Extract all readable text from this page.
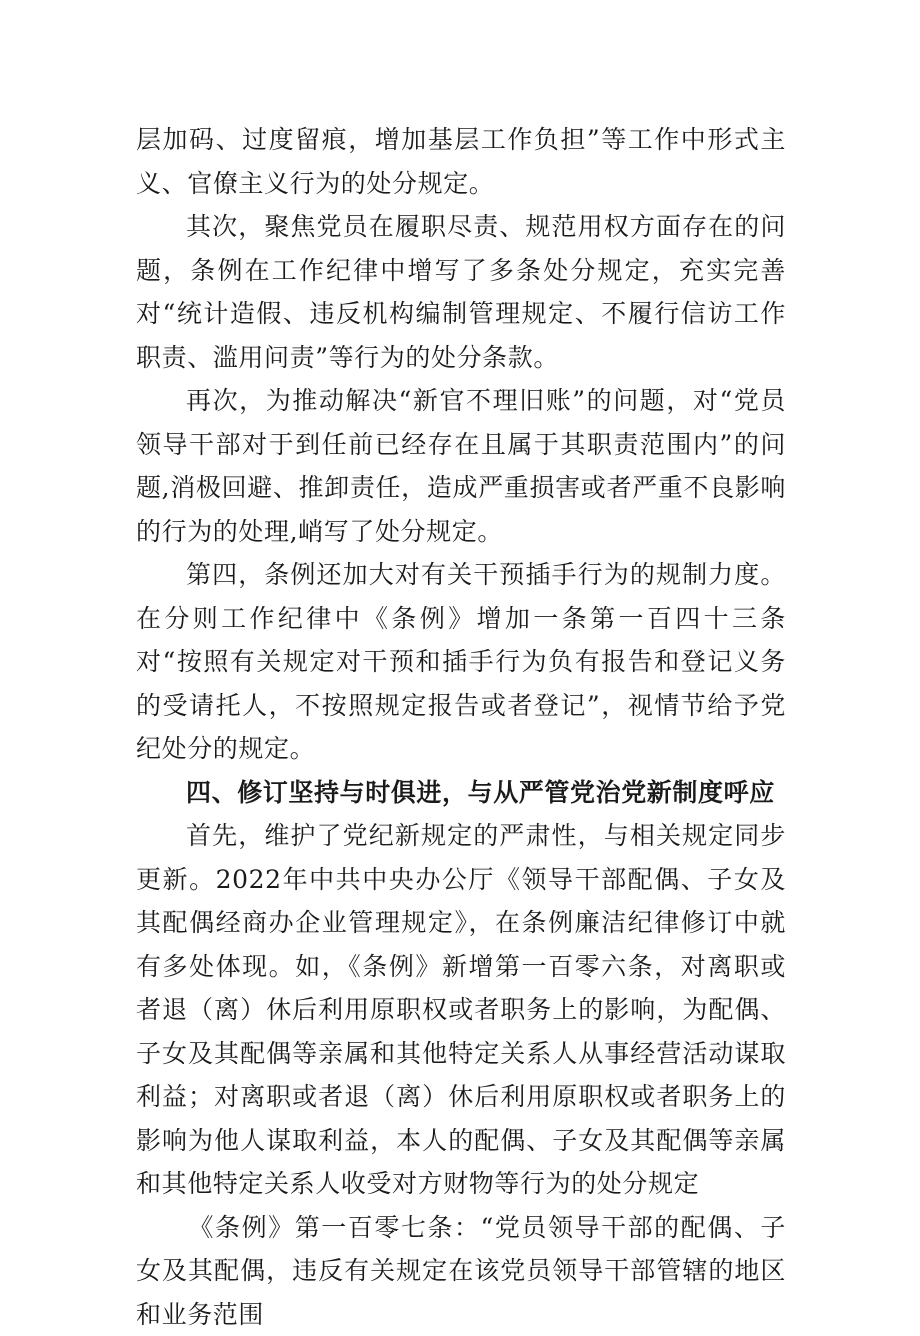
层加码、过度留痕，增加基层工作负担”等工作中形式主义、官僚主义行为的处分规定。

其次，聚焦党员在履职尽责、规范用权方面存在的问题，条例在工作纪律中增写了多条处分规定，充实完善对“统计造假、违反机构编制管理规定、不履行信访工作职责、滥用问责”等行为的处分条款。

再次，为推动解决“新官不理旧账”的问题，对“党员领导干部对于到任前已经存在且属于其职责范围内”的问题,消极回避、推卸责任，造成严重损害或者严重不良影响的行为的处理,峭写了处分规定。

第四，条例还加大对有关干预插手行为的规制力度。在分则工作纪律中《条例》增加一条第一百四十三条对“按照有关规定对干预和插手行为负有报告和登记义务的受请托人，不按照规定报告或者登记”，视情节给予党纪处分的规定。

四、修订坚持与时俱进，与从严管党治党新制度呼应

首先，维护了党纪新规定的严肃性，与相关规定同步更新。2022年中共中央办公厅《领导干部配偶、子女及其配偶经商办企业管理规定》，在条例廉洁纪律修订中就有多处体现。如，《条例》新增第一百零六条，对离职或者退（离）休后利用原职权或者职务上的影响，为配偶、子女及其配偶等亲属和其他特定关系人从事经营活动谋取利益；对离职或者退（离）休后利用原职权或者职务上的影响为他人谋取利益，本人的配偶、子女及其配偶等亲属和其他特定关系人收受对方财物等行为的处分规定

《条例》第一百零七条：“党员领导干部的配偶、子女及其配偶，违反有关规定在该党员领导干部管辖的地区和业务范围
